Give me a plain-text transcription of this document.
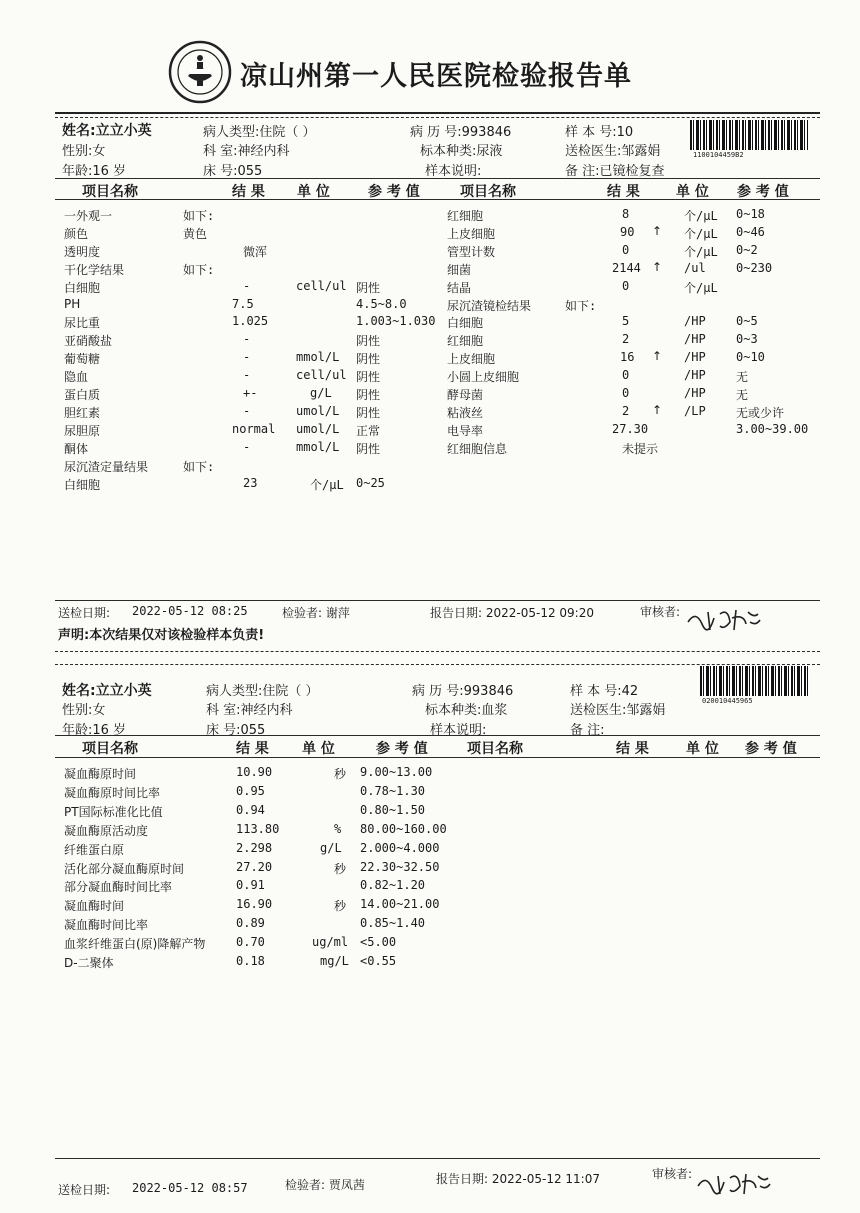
凉山州第一人民医院检验报告单
姓名:立立小英	病人类型:住院（ ）	病 历 号:993846	样 本 号:10
性别:女	科 室:神经内科	标本种类:尿液	送检医生:邹露娟
年龄:16 岁	床 号:055	样本说明:	备 注:已镜检复查
1100104459B2
项目名称	结 果 单 位	参 考 值	项目名称	结 果	单 位 参 考 值
一外观一	如下:
颜色	黄色
透明度	微浑
干化学结果	如下:
白细胞	-	cell/ul 阴性
PH	7.5	4.5~8.0
尿比重	1.025	1.003~1.030
亚硝酸盐	-	阴性
葡萄糖	-	mmol/L 阴性
隐血	-	cell/ul 阴性
蛋白质	+-	g/L 阴性
胆红素	-	umol/L 阴性
尿胆原	normal umol/L 正常
酮体	-	mmol/L 阴性
尿沉渣定量结果	如下:
白细胞	23	个/μL 0~25
红细胞	8	个/μL 0~18
上皮细胞	90 ↑ 个/μL 0~46
管型计数	0	个/μL 0~2
细菌	2144 ↑ /ul	0~230
结晶	0	个/μL
尿沉渣镜检结果	如下:
白细胞	5	/HP	0~5
红细胞	2	/HP	0~3
上皮细胞	16 ↑ /HP	0~10
小圆上皮细胞	0	/HP	无
酵母菌	0	/HP	无
粘液丝	2 ↑ /LP	无或少许
电导率	27.30	3.00~39.00
红细胞信息	未提示
送检日期: 2022-05-12 08:25	检验者: 谢萍	报告日期: 2022-05-12 09:20	审核者:
声明:本次结果仅对该检验样本负责!
姓名:立立小英	病人类型:住院（ ）	病 历 号:993846	样 本 号:42
性别:女	科 室:神经内科	标本种类:血浆	送检医生:邹露娟
年龄:16 岁	床 号:055	样本说明:	备 注:
020010445965
项目名称	结 果 单 位	参 考 值	项目名称	结 果	单 位 参 考 值
凝血酶原时间	10.90	秒 9.00~13.00
凝血酶原时间比率	0.95	0.78~1.30
PT国际标准化比值	0.94	0.80~1.50
凝血酶原活动度	113.80	% 80.00~160.00
纤维蛋白原	2.298	g/L 2.000~4.000
活化部分凝血酶原时间	27.20	秒 22.30~32.50
部分凝血酶时间比率	0.91	0.82~1.20
凝血酶时间	16.90	秒 14.00~21.00
凝血酶时间比率	0.89	0.85~1.40
血浆纤维蛋白(原)降解产物	0.70	ug/ml <5.00
D-二聚体	0.18	mg/L <0.55
送检日期: 2022-05-12 08:57	检验者: 贾凤茜	报告日期: 2022-05-12 11:07	审核者:
